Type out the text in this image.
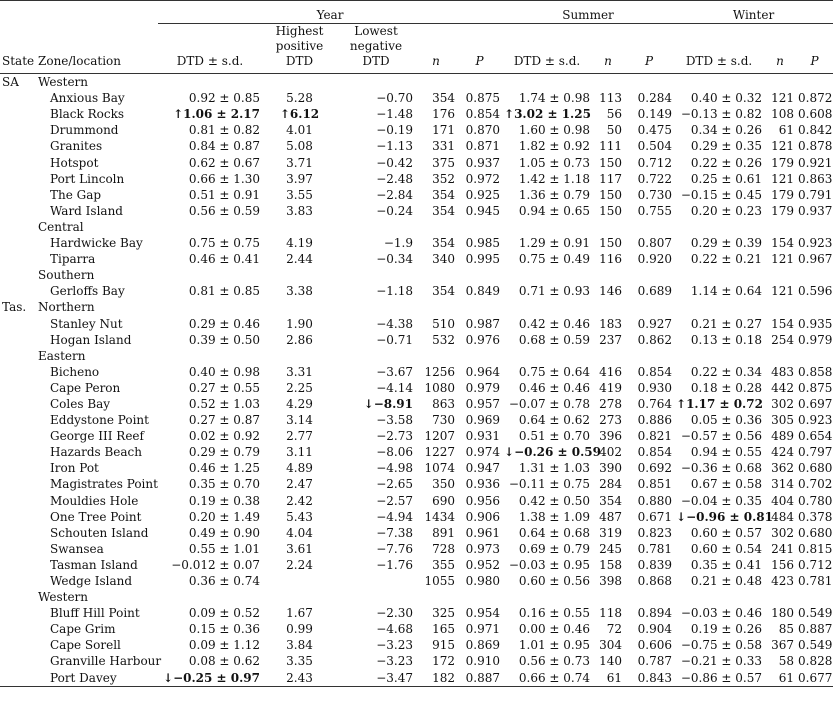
		Year					Summer			Winter		
State	Zone/location	DTD ± s.d.	Highest positive DTD	Lowest negative DTD	n	P	DTD ± s.d.	n	P	DTD ± s.d.	n	P
SA	Western											
	Anxious Bay	0.92 ± 0.85	5.28	−0.70	354	0.875	1.74 ± 0.98	113	0.284	0.40 ± 0.32	121	0.872
	Black Rocks	↑1.06 ± 2.17	↑6.12	−1.48	176	0.854	↑3.02 ± 1.25	56	0.149	−0.13 ± 0.82	108	0.608
	Drummond	0.81 ± 0.82	4.01	−0.19	171	0.870	1.60 ± 0.98	50	0.475	0.34 ± 0.26	61	0.842
	Granites	0.84 ± 0.87	5.08	−1.13	331	0.871	1.82 ± 0.92	111	0.504	0.29 ± 0.35	121	0.878
	Hotspot	0.62 ± 0.67	3.71	−0.42	375	0.937	1.05 ± 0.73	150	0.712	0.22 ± 0.26	179	0.921
	Port Lincoln	0.66 ± 1.30	3.97	−2.48	352	0.972	1.42 ± 1.18	117	0.722	0.25 ± 0.61	121	0.863
	The Gap	0.51 ± 0.91	3.55	−2.84	354	0.925	1.36 ± 0.79	150	0.730	−0.15 ± 0.45	179	0.791
	Ward Island	0.56 ± 0.59	3.83	−0.24	354	0.945	0.94 ± 0.65	150	0.755	0.20 ± 0.23	179	0.937
	Central											
	Hardwicke Bay	0.75 ± 0.75	4.19	−1.9	354	0.985	1.29 ± 0.91	150	0.807	0.29 ± 0.39	154	0.923
	Tiparra	0.46 ± 0.41	2.44	−0.34	340	0.995	0.75 ± 0.49	116	0.920	0.22 ± 0.21	121	0.967
	Southern											
	Gerloffs Bay	0.81 ± 0.85	3.38	−1.18	354	0.849	0.71 ± 0.93	146	0.689	1.14 ± 0.64	121	0.596
Tas.	Northern											
	Stanley Nut	0.29 ± 0.46	1.90	−4.38	510	0.987	0.42 ± 0.46	183	0.927	0.21 ± 0.27	154	0.935
	Hogan Island	0.39 ± 0.50	2.86	−0.71	532	0.976	0.68 ± 0.59	237	0.862	0.13 ± 0.18	254	0.979
	Eastern											
	Bicheno	0.40 ± 0.98	3.31	−3.67	1256	0.964	0.75 ± 0.64	416	0.854	0.22 ± 0.34	483	0.858
	Cape Peron	0.27 ± 0.55	2.25	−4.14	1080	0.979	0.46 ± 0.46	419	0.930	0.18 ± 0.28	442	0.875
	Coles Bay	0.52 ± 1.03	4.29	↓−8.91	863	0.957	−0.07 ± 0.78	278	0.764	↑1.17 ± 0.72	302	0.697
	Eddystone Point	0.27 ± 0.87	3.14	−3.58	730	0.969	0.64 ± 0.62	273	0.886	0.05 ± 0.36	305	0.923
	George III Reef	0.02 ± 0.92	2.77	−2.73	1207	0.931	0.51 ± 0.70	396	0.821	−0.57 ± 0.56	489	0.654
	Hazards Beach	0.29 ± 0.79	3.11	−8.06	1227	0.974	↓−0.26 ± 0.59	402	0.854	0.94 ± 0.55	424	0.797
	Iron Pot	0.46 ± 1.25	4.89	−4.98	1074	0.947	1.31 ± 1.03	390	0.692	−0.36 ± 0.68	362	0.680
	Magistrates Point	0.35 ± 0.70	2.47	−2.65	350	0.936	−0.11 ± 0.75	284	0.851	0.67 ± 0.58	314	0.702
	Mouldies Hole	0.19 ± 0.38	2.42	−2.57	690	0.956	0.42 ± 0.50	354	0.880	−0.04 ± 0.35	404	0.780
	One Tree Point	0.20 ± 1.49	5.43	−4.94	1434	0.906	1.38 ± 1.09	487	0.671	↓−0.96 ± 0.81	484	0.378
	Schouten Island	0.49 ± 0.90	4.04	−7.38	891	0.961	0.64 ± 0.68	319	0.823	0.60 ± 0.57	302	0.680
	Swansea	0.55 ± 1.01	3.61	−7.76	728	0.973	0.69 ± 0.79	245	0.781	0.60 ± 0.54	241	0.815
	Tasman Island	−0.012 ± 0.07	2.24	−1.76	355	0.952	−0.03 ± 0.95	158	0.839	0.35 ± 0.41	156	0.712
	Wedge Island	0.36 ± 0.74			1055	0.980	0.60 ± 0.56	398	0.868	0.21 ± 0.48	423	0.781
	Western											
	Bluff Hill Point	0.09 ± 0.52	1.67	−2.30	325	0.954	0.16 ± 0.55	118	0.894	−0.03 ± 0.46	180	0.549
	Cape Grim	0.15 ± 0.36	0.99	−4.68	165	0.971	0.00 ± 0.46	72	0.904	0.19 ± 0.26	85	0.887
	Cape Sorell	0.09 ± 1.12	3.84	−3.23	915	0.869	1.01 ± 0.95	304	0.606	−0.75 ± 0.58	367	0.549
	Granville Harbour	0.08 ± 0.62	3.35	−3.23	172	0.910	0.56 ± 0.73	140	0.787	−0.21 ± 0.33	58	0.828
	Port Davey	↓−0.25 ± 0.97	2.43	−3.47	182	0.887	0.66 ± 0.74	61	0.843	−0.86 ± 0.57	61	0.677
